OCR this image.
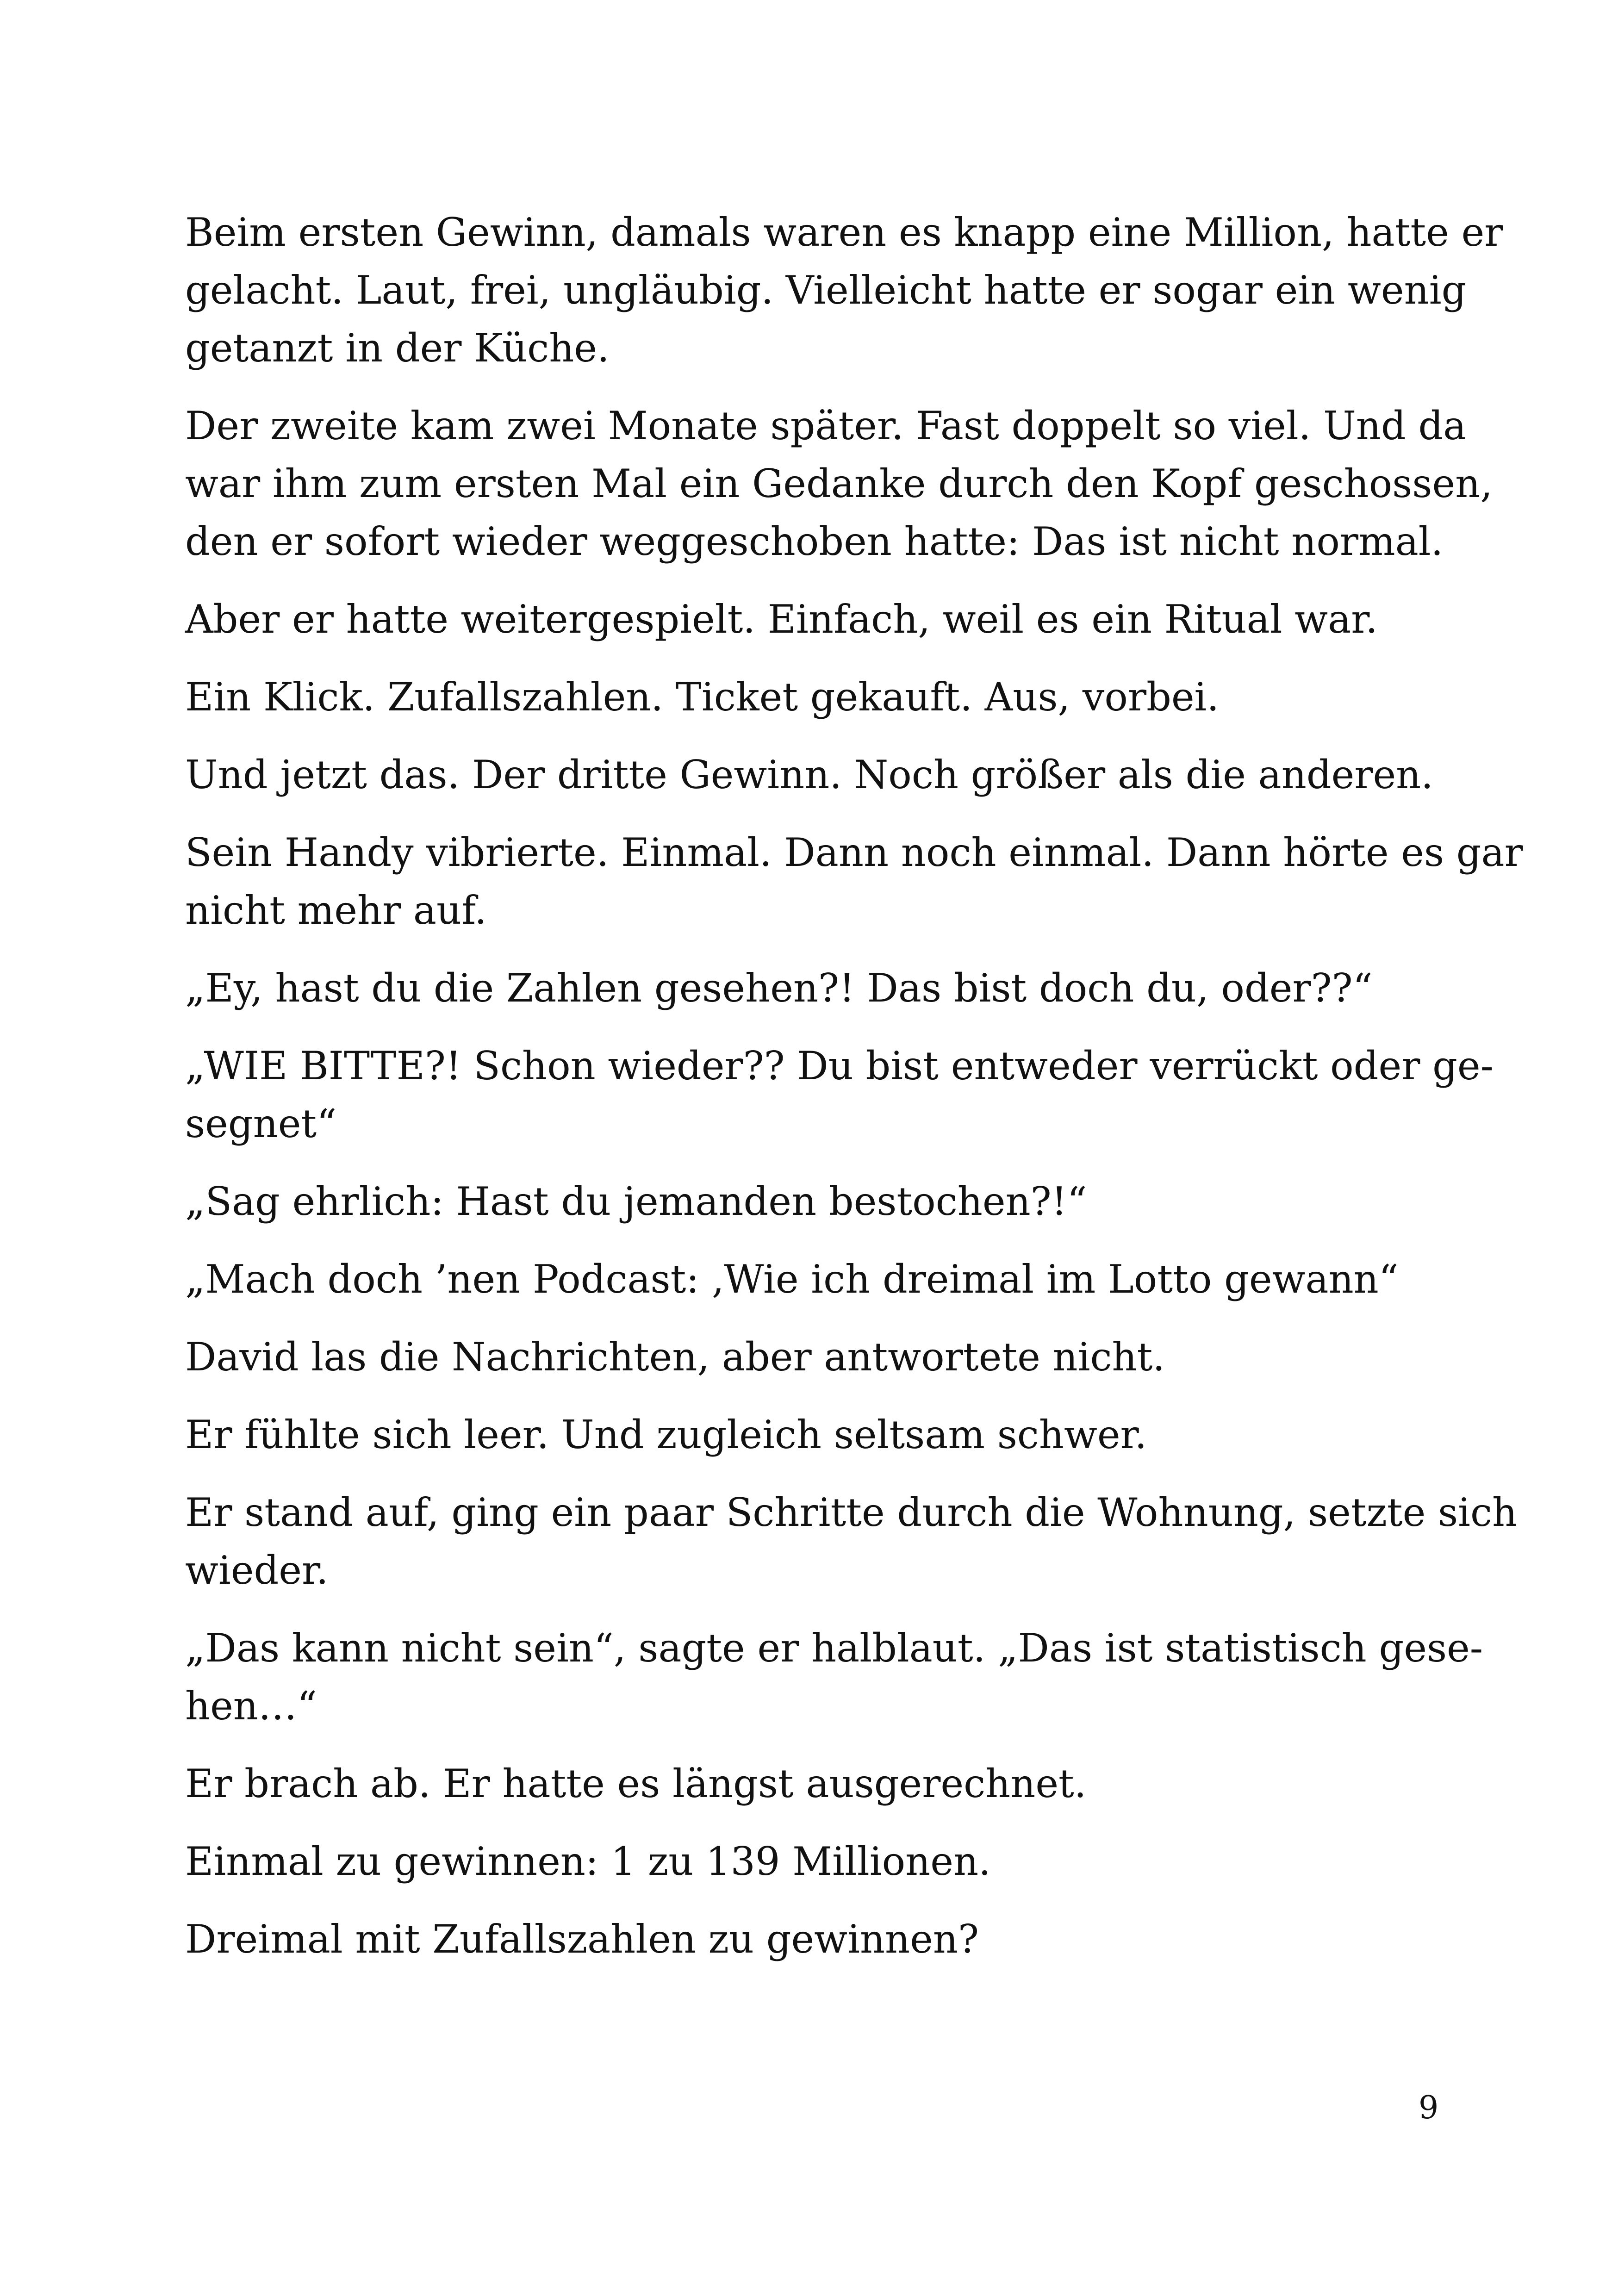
Beim ersten Gewinn, damals waren es knapp eine Million, hatte er
gelacht. Laut, frei, ungläubig. Vielleicht hatte er sogar ein wenig
getanzt in der Küche.

Der zweite kam zwei Monate später. Fast doppelt so viel. Und da
war ihm zum ersten Mal ein Gedanke durch den Kopf geschossen,
den er sofort wieder weggeschoben hatte: Das ist nicht normal.

Aber er hatte weitergespielt. Einfach, weil es ein Ritual war.

Ein Klick. Zufallszahlen. Ticket gekauft. Aus, vorbei.

Und jetzt das. Der dritte Gewinn. Noch größer als die anderen.

Sein Handy vibrierte. Einmal. Dann noch einmal. Dann hörte es gar
nicht mehr auf.

„Ey, hast du die Zahlen gesehen?! Das bist doch du, oder??“

„WIE BITTE?! Schon wieder?? Du bist entweder verrückt oder ge-
segnet“

„Sag ehrlich: Hast du jemanden bestochen?!“

„Mach doch ’nen Podcast: ‚Wie ich dreimal im Lotto gewann“

David las die Nachrichten, aber antwortete nicht.

Er fühlte sich leer. Und zugleich seltsam schwer.

Er stand auf, ging ein paar Schritte durch die Wohnung, setzte sich
wieder.

„Das kann nicht sein“, sagte er halblaut. „Das ist statistisch gese-
hen…“

Er brach ab. Er hatte es längst ausgerechnet.

Einmal zu gewinnen: 1 zu 139 Millionen.

Dreimal mit Zufallszahlen zu gewinnen?

9
